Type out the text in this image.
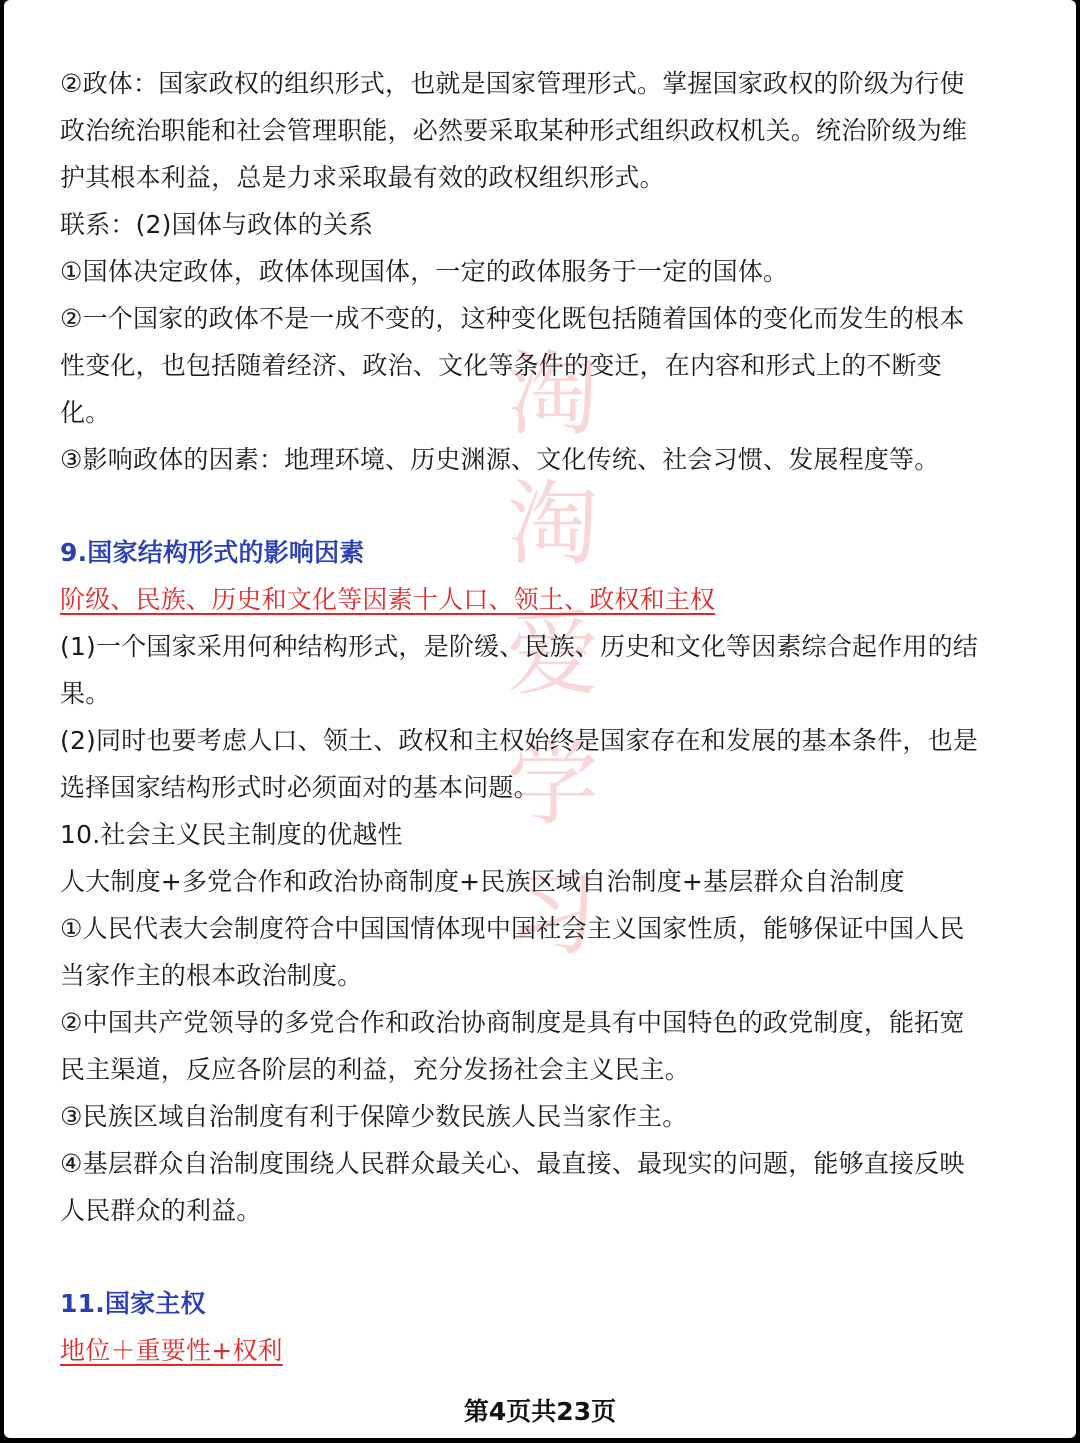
淘
淘
爱
学
习
②政体：国家政权的组织形式，也就是国家管理形式。掌握国家政权的阶级为行使
政治统治职能和社会管理职能，必然要采取某种形式组织政权机关。统治阶级为维
护其根本利益，总是力求采取最有效的政权组织形式。
联系：(2)国体与政体的关系
①国体决定政体，政体体现国体，一定的政体服务于一定的国体。
②一个国家的政体不是一成不变的，这种变化既包括随着国体的变化而发生的根本
性变化，也包括随着经济、政治、文化等条件的变迁，在内容和形式上的不断变
化。
③影响政体的因素：地理环境、历史渊源、文化传统、社会习惯、发展程度等。
9.国家结构形式的影响因素
阶级、民族、历史和文化等因素十人口、领土、政权和主权
(1)一个国家采用何种结构形式，是阶缓、民族、历史和文化等因素综合起作用的结
果。
(2)同时也要考虑人口、领土、政权和主权始终是国家存在和发展的基本条件，也是
选择国家结构形式时必须面对的基本问题。
10.社会主义民主制度的优越性
人大制度+多党合作和政治协商制度+民族区域自治制度+基层群众自治制度
①人民代表大会制度符合中国国情体现中国社会主义国家性质，能够保证中国人民
当家作主的根本政治制度。
②中国共产党领导的多党合作和政治协商制度是具有中国特色的政党制度，能拓宽
民主渠道，反应各阶层的利益，充分发扬社会主义民主。
③民族区域自治制度有利于保障少数民族人民当家作主。
④基层群众自治制度围绕人民群众最关心、最直接、最现实的问题，能够直接反映
人民群众的利益。
11.国家主权
地位＋重要性+权利
第4页共23页
